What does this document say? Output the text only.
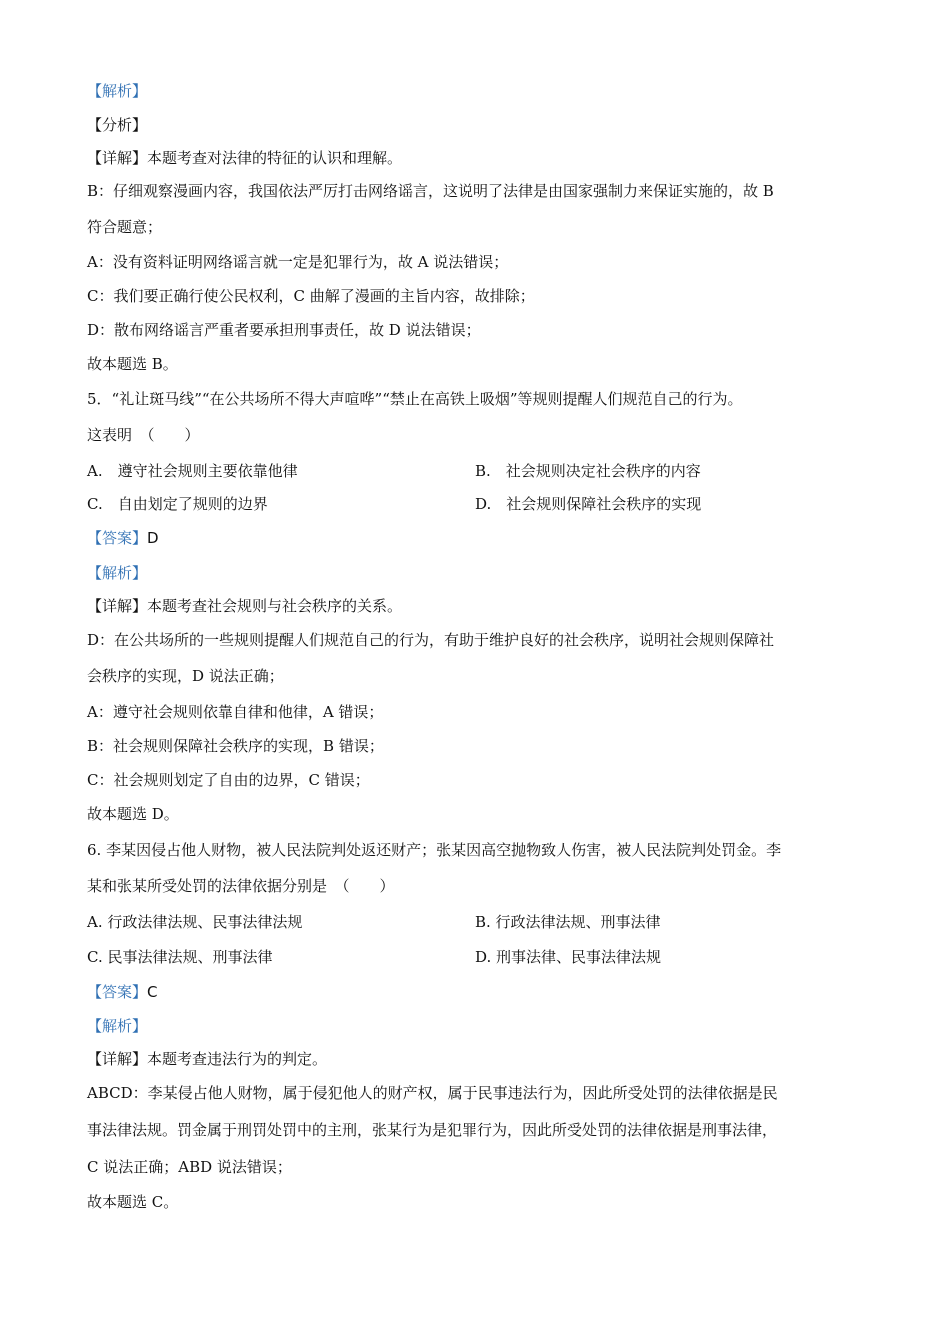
【解析】
【分析】
【详解】本题考查对法律的特征的认识和理解。
B：仔细观察漫画内容，我国依法严厉打击网络谣言，这说明了法律是由国家强制力来保证实施的，故 B
符合题意；
A：没有资料证明网络谣言就一定是犯罪行为，故 A 说法错误；
C：我们要正确行使公民权利，C 曲解了漫画的主旨内容，故排除；
D：散布网络谣言严重者要承担刑事责任，故 D 说法错误；
故本题选 B。
5．“礼让斑马线”“在公共场所不得大声喧哗”“禁止在高铁上吸烟”等规则提醒人们规范自己的行为。
这表明　（　　）
A.　遵守社会规则主要依靠他律	B.　社会规则决定社会秩序的内容
C.　自由划定了规则的边界	D.　社会规则保障社会秩序的实现
【答案】D
【解析】
【详解】本题考查社会规则与社会秩序的关系。
D：在公共场所的一些规则提醒人们规范自己的行为，有助于维护良好的社会秩序，说明社会规则保障社
会秩序的实现，D 说法正确；
A：遵守社会规则依靠自律和他律，A 错误；
B：社会规则保障社会秩序的实现，B 错误；
C：社会规则划定了自由的边界，C 错误；
故本题选 D。
6. 李某因侵占他人财物，被人民法院判处返还财产；张某因高空抛物致人伤害，被人民法院判处罚金。李
某和张某所受处罚的法律依据分别是　（　　）
A. 行政法律法规、民事法律法规	B. 行政法律法规、刑事法律
C. 民事法律法规、刑事法律	D. 刑事法律、民事法律法规
【答案】C
【解析】
【详解】本题考查违法行为的判定。
ABCD：李某侵占他人财物，属于侵犯他人的财产权，属于民事违法行为，因此所受处罚的法律依据是民
事法律法规。罚金属于刑罚处罚中的主刑，张某行为是犯罪行为，因此所受处罚的法律依据是刑事法律，
C 说法正确；ABD 说法错误；
故本题选 C。
